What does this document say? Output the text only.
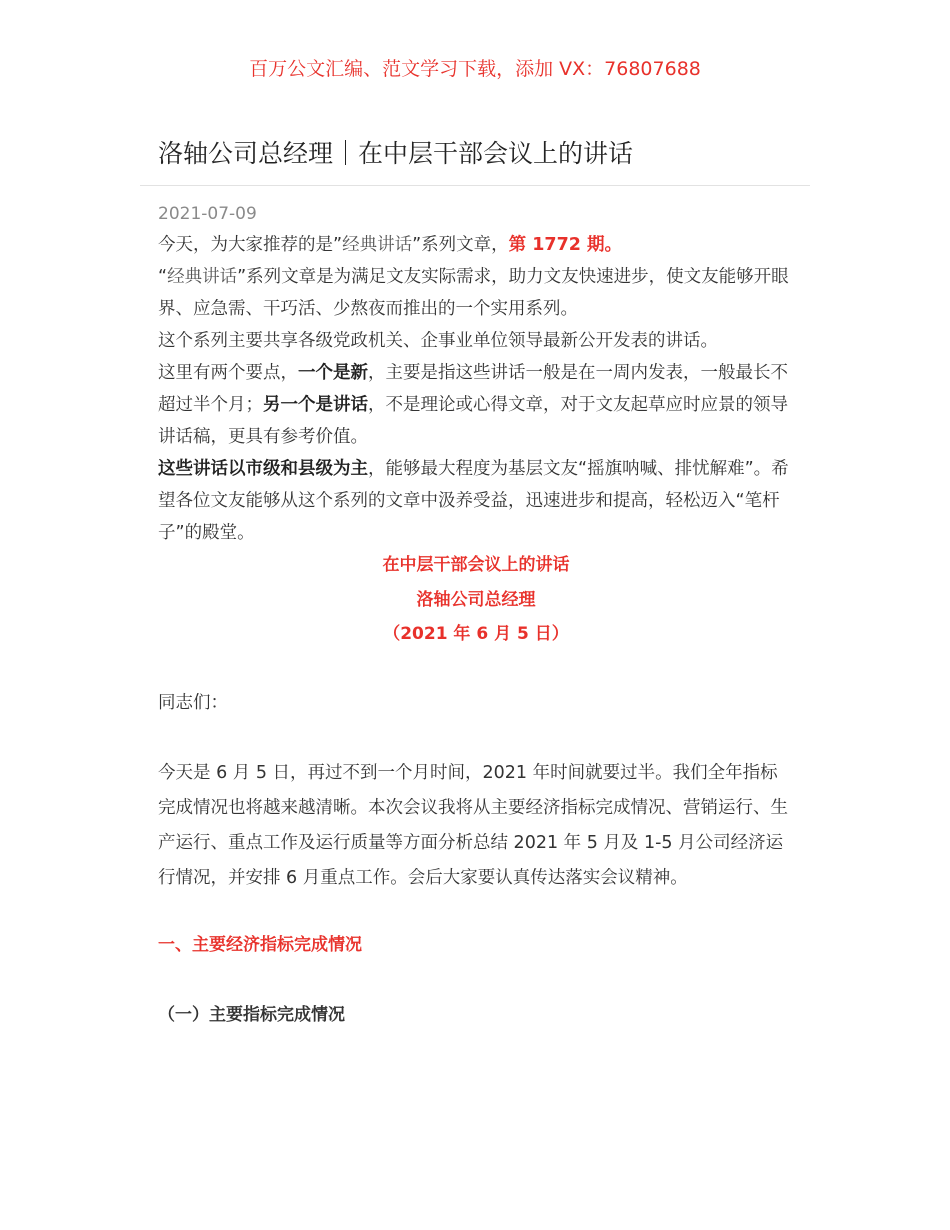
百万公文汇编、范文学习下载，添加 VX：76807688
洛轴公司总经理｜在中层干部会议上的讲话
2021-07-09

今天，为大家推荐的是”经典讲话”系列文章，第 1772 期。

“经典讲话”系列文章是为满足文友实际需求，助力文友快速进步，使文友能够开眼界、应急需、干巧活、少熬夜而推出的一个实用系列。

这个系列主要共享各级党政机关、企事业单位领导最新公开发表的讲话。

这里有两个要点，一个是新，主要是指这些讲话一般是在一周内发表，一般最长不超过半个月；另一个是讲话，不是理论或心得文章，对于文友起草应时应景的领导讲话稿，更具有参考价值。

这些讲话以市级和县级为主，能够最大程度为基层文友“摇旗呐喊、排忧解难”。希望各位文友能够从这个系列的文章中汲养受益，迅速进步和提高，轻松迈入“笔杆子”的殿堂。

在中层干部会议上的讲话
洛轴公司总经理
（2021 年 6 月 5 日）
同志们：
今天是 6 月 5 日，再过不到一个月时间，2021 年时间就要过半。我们全年指标完成情况也将越来越清晰。本次会议我将从主要经济指标完成情况、营销运行、生产运行、重点工作及运行质量等方面分析总结 2021 年 5 月及 1-5 月公司经济运行情况，并安排 6 月重点工作。会后大家要认真传达落实会议精神。
一、主要经济指标完成情况
（一）主要指标完成情况
